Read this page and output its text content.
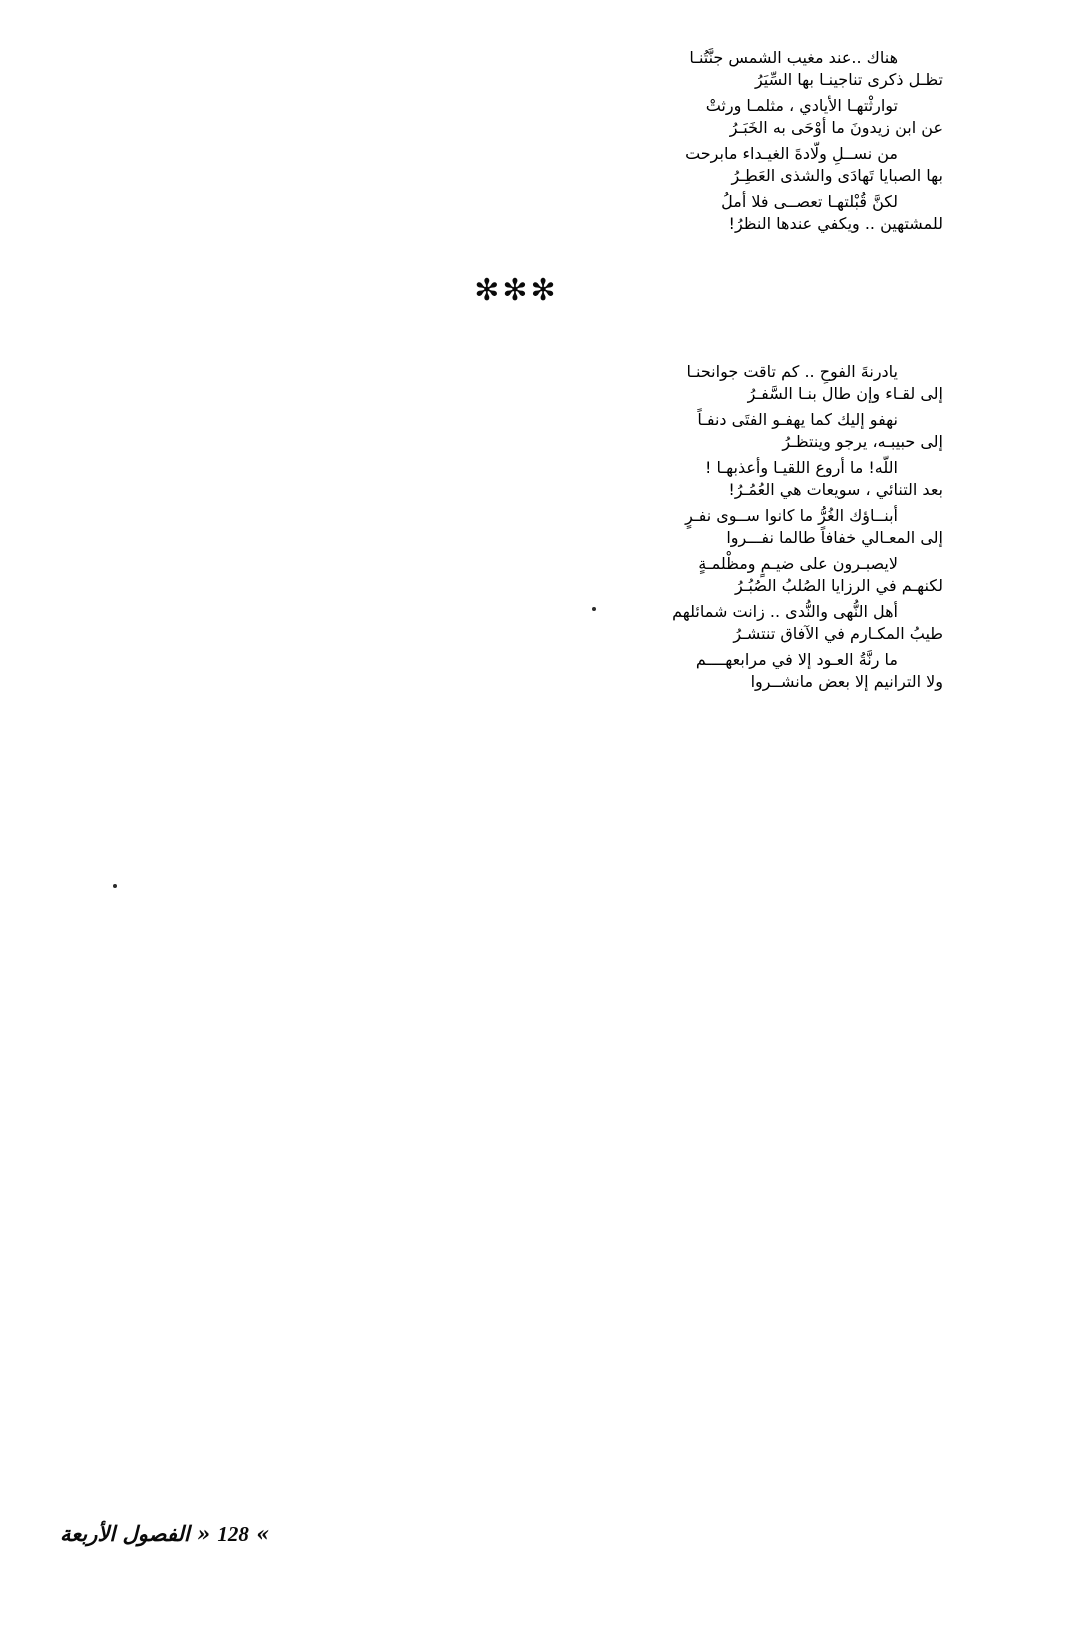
هناك ..عند مغيب الشمس جنَّتُنـا
تظـل ذكرى تناجينـا بها السِّيَرُ
توارثْتهـا الأيادي ، مثلمـا ورثتْ
عن ابن زيدونَ ما أوْحَى به الخَبَـرُ
من نســلِ ولّادةَ الغيـداء مابرحت
بها الصبايا تَهادَى والشذى العَطِـرُ
لكنَّ قُبْلتهـا تعصــى فلا أملُ
للمشتهين .. ويكفي عندها النظرُ!
✻✻✻
يادرنةَ الفوحِ .. كم تاقت جوانحنـا
إلى لقـاء وإن طال بنـا السَّفـرُ
نهفو إليك كما يهفـو الفتَى دنفـاً
إلى حبيبـه، يرجو وينتظـرُ
اللّه! ما أروع اللقيـا وأعذبهـا !
بعد التنائي ، سويعات هي العُمُـرُ!
أبنــاؤك الغُرُّ ما كانوا ســوى نفـرٍ
إلى المعـالي خفافاً طالما نفـــروا
لايصبـرون على ضيـمٍ ومظْلمـةٍ
لكنهـم في الرزايا الصُلبُ الصُبُـرُ
أهل النُّهى والنُّدى .. زانت شمائلهم
طيبُ المكـارم في الآفاق تنتشـرُ
ما رنَّةُ العـود إلا في مرابعهــــم
ولا الترانيم إلا بعض مانشــروا
» 128 « الفصول الأربعة
